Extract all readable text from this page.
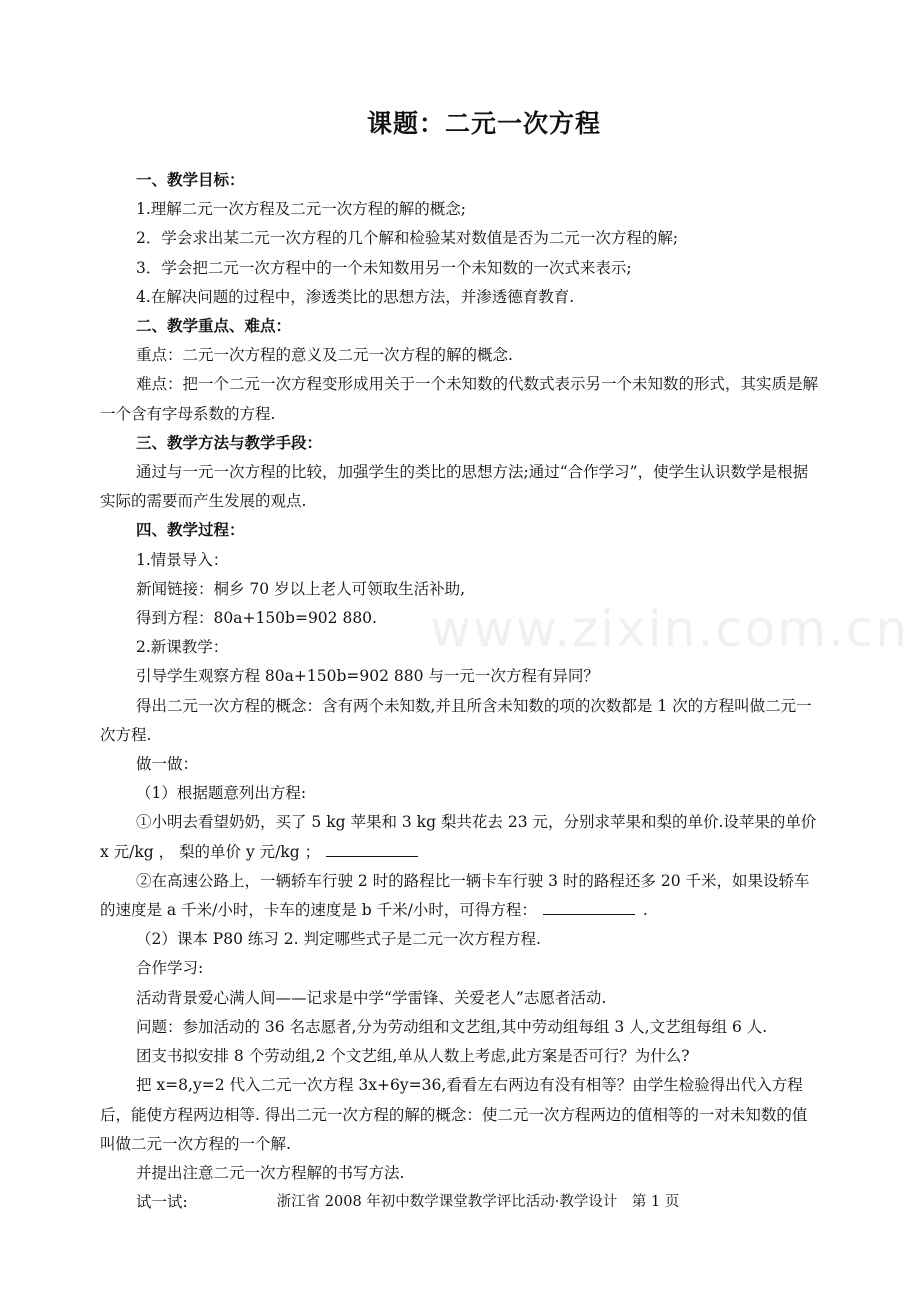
课题：二元一次方程
www.zixin.com.cn

一、教学目标：

1.理解二元一次方程及二元一次方程的解的概念;

2．学会求出某二元一次方程的几个解和检验某对数值是否为二元一次方程的解;

3．学会把二元一次方程中的一个未知数用另一个未知数的一次式来表示;

4.在解决问题的过程中，渗透类比的思想方法，并渗透德育教育.

二、教学重点、难点：

重点：二元一次方程的意义及二元一次方程的解的概念.

难点：把一个二元一次方程变形成用关于一个未知数的代数式表示另一个未知数的形式，其实质是解一个含有字母系数的方程.

三、教学方法与教学手段：

通过与一元一次方程的比较，加强学生的类比的思想方法;通过“合作学习”，使学生认识数学是根据实际的需要而产生发展的观点.

四、教学过程：

1.情景导入：

新闻链接：桐乡 70 岁以上老人可领取生活补助,

得到方程：80a+150b=902 880.

2.新课教学：

引导学生观察方程 80a+150b=902 880 与一元一次方程有异同？

得出二元一次方程的概念：含有两个未知数,并且所含未知数的项的次数都是 1 次的方程叫做二元一次方程.

做一做：

（1）根据题意列出方程:

①小明去看望奶奶，买了 5 kg 苹果和 3 kg 梨共花去 23 元，分别求苹果和梨的单价.设苹果的单价 x 元/kg ， 梨的单价 y 元/kg ；

②在高速公路上，一辆轿车行驶 2 时的路程比一辆卡车行驶 3 时的路程还多 20 千米，如果设轿车的速度是 a 千米/小时，卡车的速度是 b 千米/小时，可得方程：	.

（2）课本 P80 练习 2. 判定哪些式子是二元一次方程方程.

合作学习:

活动背景爱心满人间——记求是中学“学雷锋、关爱老人”志愿者活动.

问题：参加活动的 36 名志愿者,分为劳动组和文艺组,其中劳动组每组 3 人,文艺组每组 6 人.

团支书拟安排 8 个劳动组,2 个文艺组,单从人数上考虑,此方案是否可行？为什么?

把 x=8,y=2 代入二元一次方程 3x+6y=36,看看左右两边有没有相等？由学生检验得出代入方程后，能使方程两边相等. 得出二元一次方程的解的概念：使二元一次方程两边的值相等的一对未知数的值叫做二元一次方程的一个解.

并提出注意二元一次方程解的书写方法.

试一试:	浙江省 2008 年初中数学课堂教学评比活动·教学设计　第 1 页
